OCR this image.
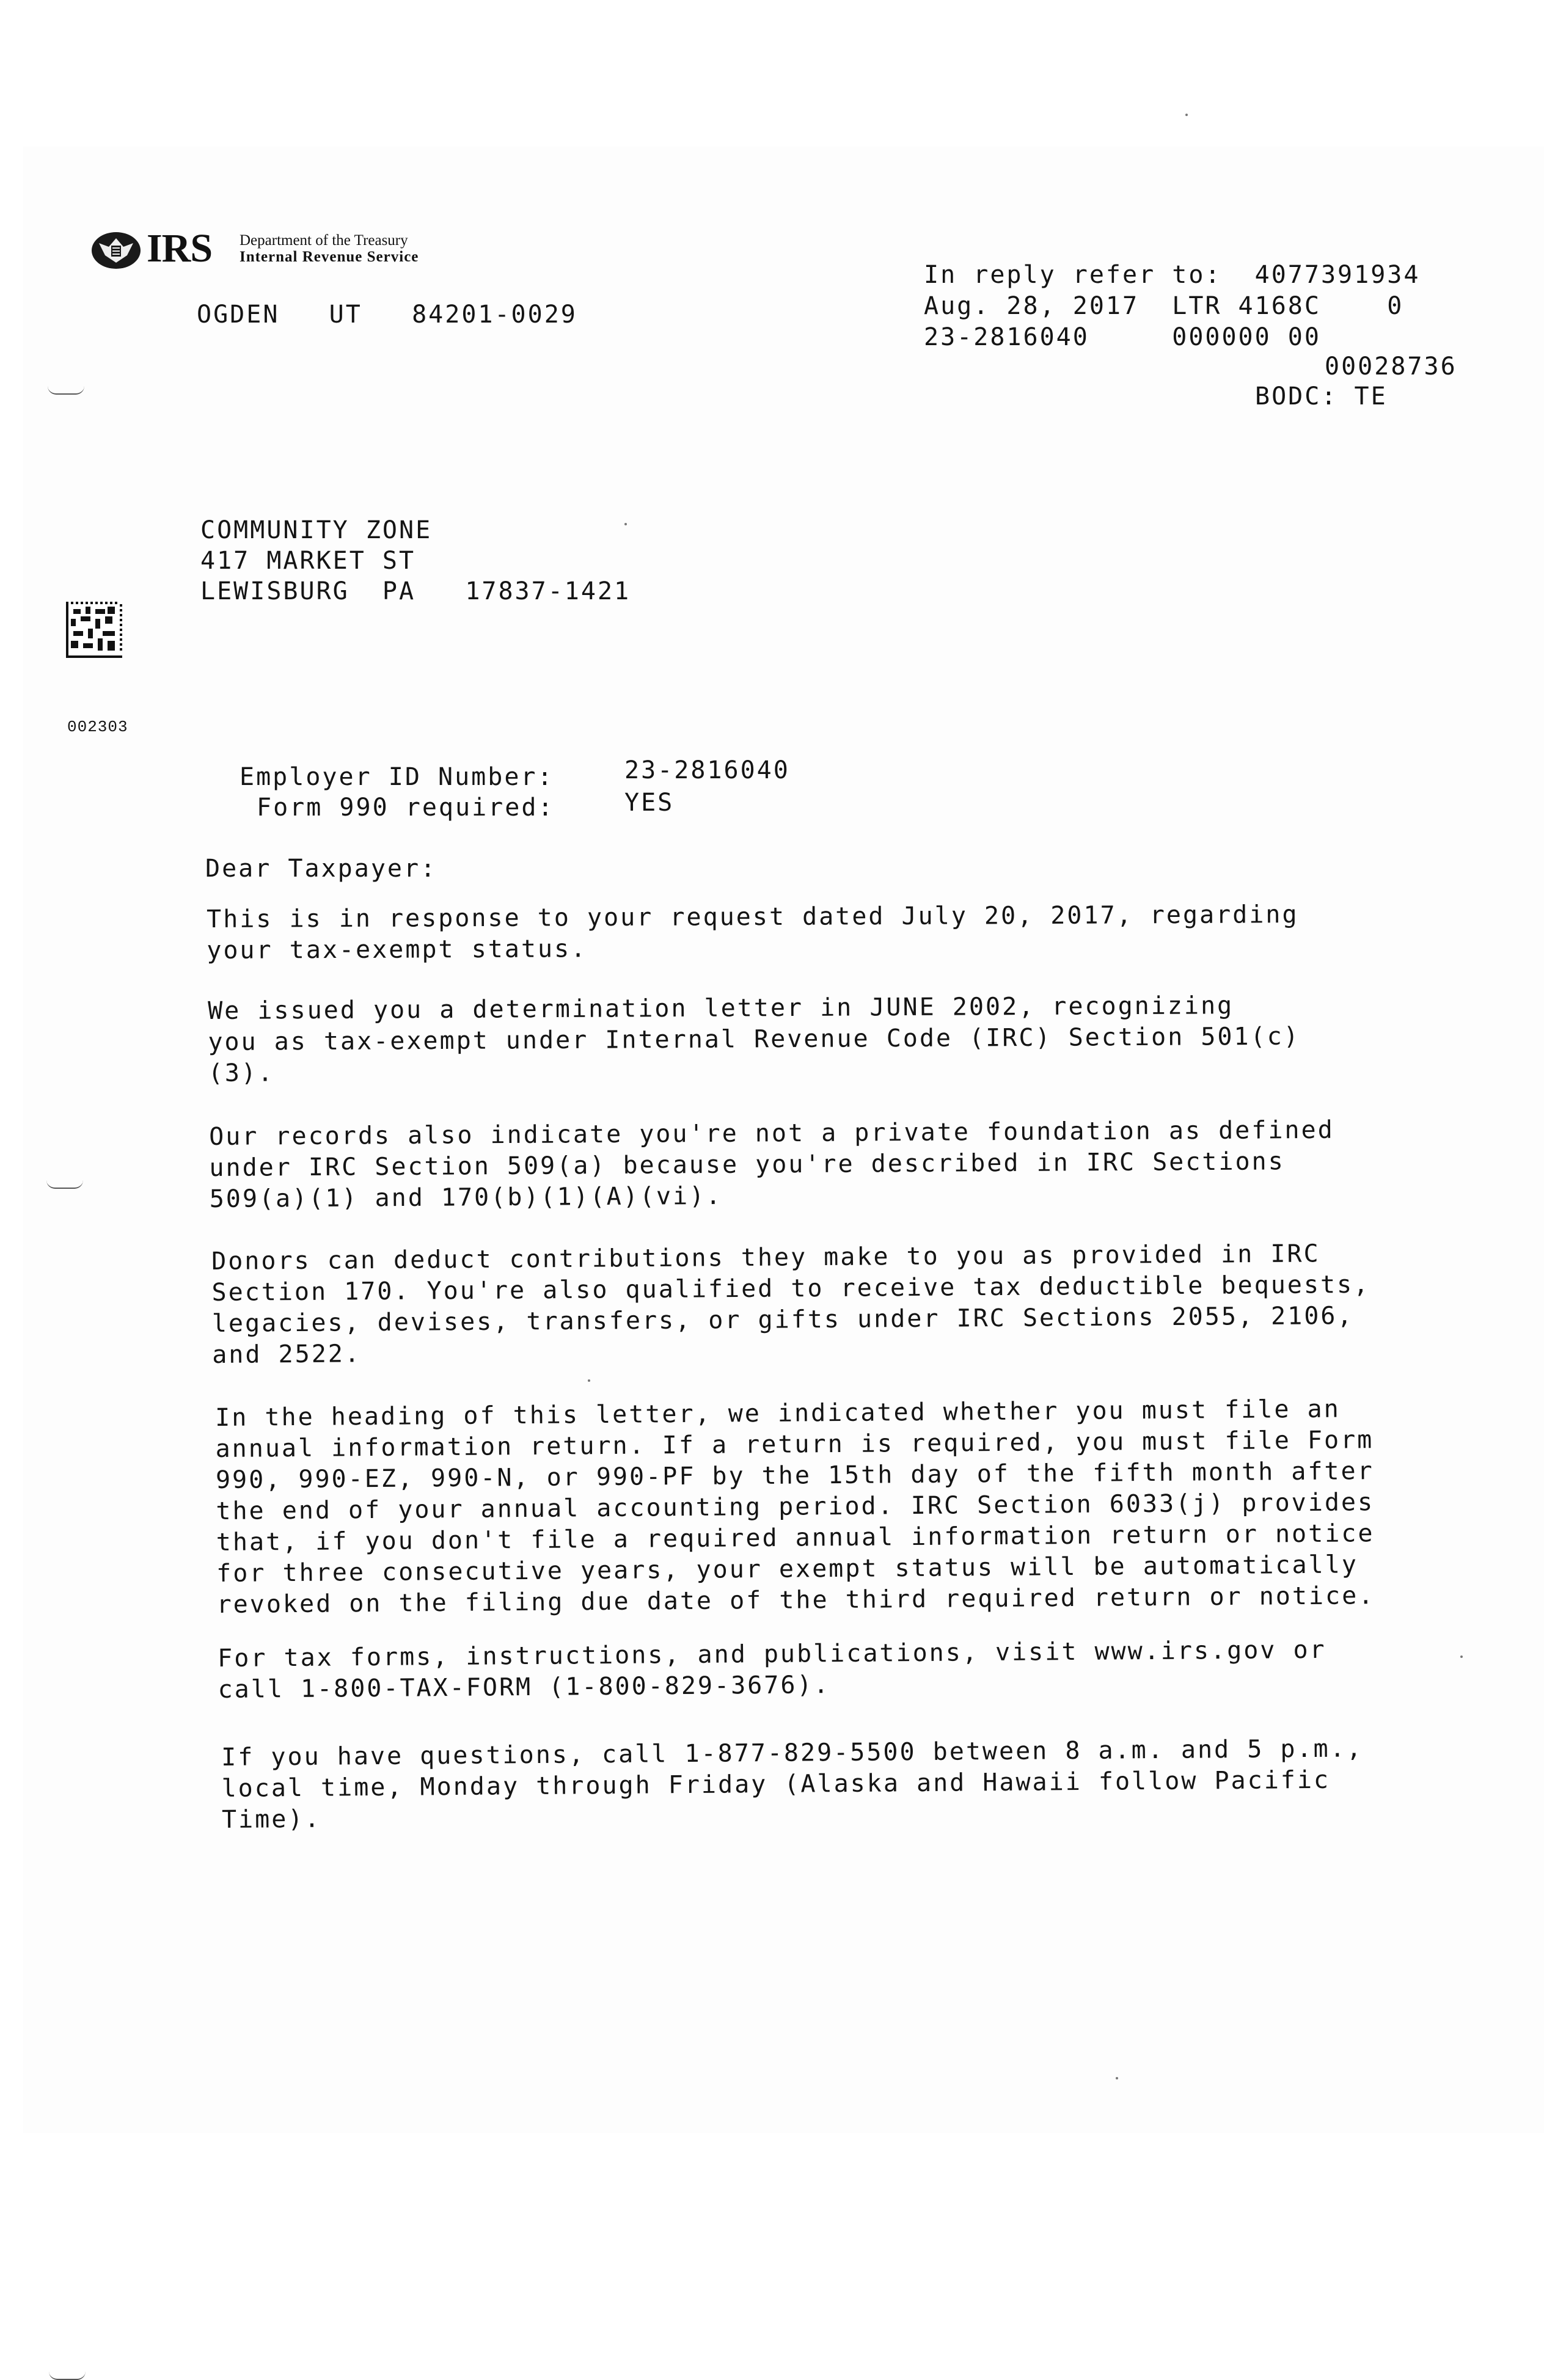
IRS Department of the Treasury
Internal Revenue Service
OGDEN   UT   84201-0029
In reply refer to:  4077391934
Aug. 28, 2017  LTR 4168C    0
23-2816040     000000 00
00028736
BODC: TE
COMMUNITY ZONE
417 MARKET ST
LEWISBURG  PA   17837-1421
002303
Employer ID Number:	23-2816040
Form 990 required:	YES
Dear Taxpayer:
This is in response to your request dated July 20, 2017, regarding
your tax-exempt status.
We issued you a determination letter in JUNE 2002, recognizing
you as tax-exempt under Internal Revenue Code (IRC) Section 501(c)
(3).
Our records also indicate you're not a private foundation as defined
under IRC Section 509(a) because you're described in IRC Sections
509(a)(1) and 170(b)(1)(A)(vi).
Donors can deduct contributions they make to you as provided in IRC
Section 170. You're also qualified to receive tax deductible bequests,
legacies, devises, transfers, or gifts under IRC Sections 2055, 2106,
and 2522.
In the heading of this letter, we indicated whether you must file an
annual information return. If a return is required, you must file Form
990, 990-EZ, 990-N, or 990-PF by the 15th day of the fifth month after
the end of your annual accounting period. IRC Section 6033(j) provides
that, if you don't file a required annual information return or notice
for three consecutive years, your exempt status will be automatically
revoked on the filing due date of the third required return or notice.
For tax forms, instructions, and publications, visit www.irs.gov or
call 1-800-TAX-FORM (1-800-829-3676).
If you have questions, call 1-877-829-5500 between 8 a.m. and 5 p.m.,
local time, Monday through Friday (Alaska and Hawaii follow Pacific
Time).
